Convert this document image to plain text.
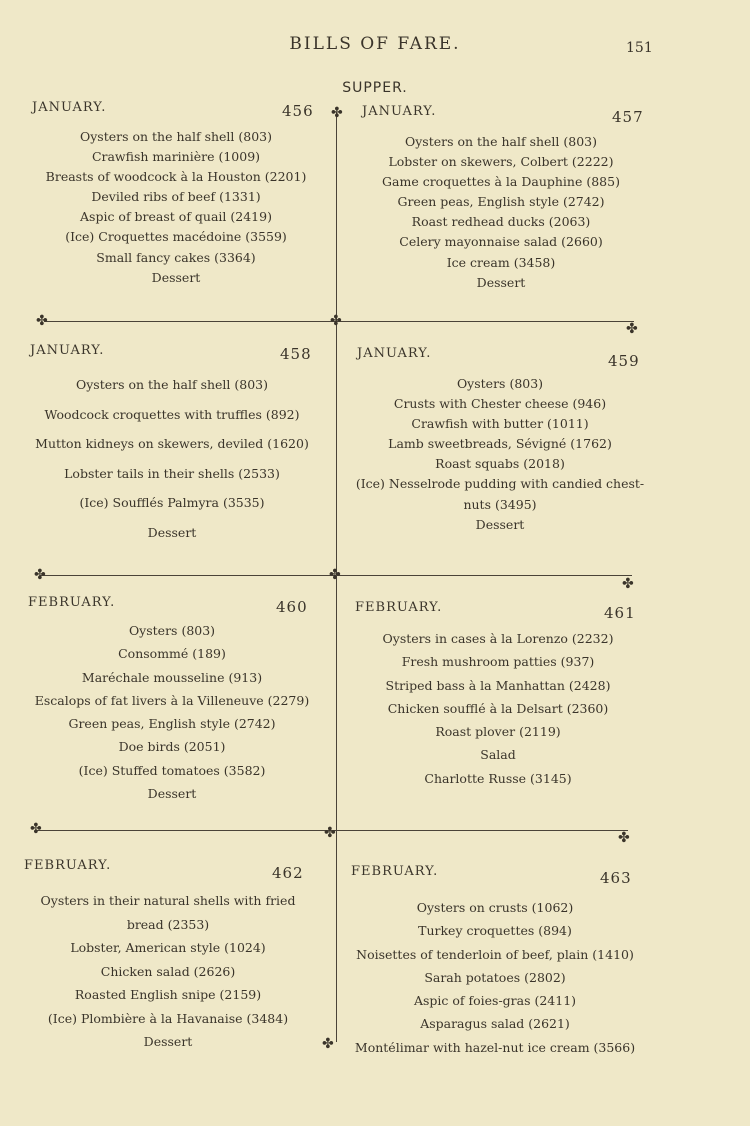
BILLS OF FARE.	151
SUPPER.
✤
✤	✤	✤
✤	✤
✤
✤	✤	✤
✤
JANUARY.	456
Oysters on the half shell (803)
Crawfish marinière (1009)
Breasts of woodcock à la Houston (2201)
Deviled ribs of beef (1331)
Aspic of breast of quail (2419)
(Ice) Croquettes macédoine (3559)
Small fancy cakes (3364)
Dessert
JANUARY.	457
Oysters on the half shell (803)
Lobster on skewers, Colbert (2222)
Game croquettes à la Dauphine (885)
Green peas, English style (2742)
Roast redhead ducks (2063)
Celery mayonnaise salad (2660)
Ice cream (3458)
Dessert
JANUARY.	458
Oysters on the half shell (803)
Woodcock croquettes with truffles (892)
Mutton kidneys on skewers, deviled (1620)
Lobster tails in their shells (2533)
(Ice) Soufflés Palmyra (3535)
Dessert
JANUARY.	459
Oysters (803)
Crusts with Chester cheese (946)
Crawfish with butter (1011)
Lamb sweetbreads, Sévigné (1762)
Roast squabs (2018)
(Ice) Nesselrode pudding with candied chest-
nuts (3495)
Dessert
FEBRUARY.	460
Oysters (803)
Consommé (189)
Maréchale mousseline (913)
Escalops of fat livers à la Villeneuve (2279)
Green peas, English style (2742)
Doe birds (2051)
(Ice) Stuffed tomatoes (3582)
Dessert
FEBRUARY.	461
Oysters in cases à la Lorenzo (2232)
Fresh mushroom patties (937)
Striped bass à la Manhattan (2428)
Chicken soufflé à la Delsart (2360)
Roast plover (2119)
Salad
Charlotte Russe (3145)
FEBRUARY.	462
Oysters in their natural shells with fried
bread (2353)
Lobster, American style (1024)
Chicken salad (2626)
Roasted English snipe (2159)
(Ice) Plombière à la Havanaise (3484)
Dessert
FEBRUARY.	463
Oysters on crusts (1062)
Turkey croquettes (894)
Noisettes of tenderloin of beef, plain (1410)
Sarah potatoes (2802)
Aspic of foies-gras (2411)
Asparagus salad (2621)
Montélimar with hazel-nut ice cream (3566)
